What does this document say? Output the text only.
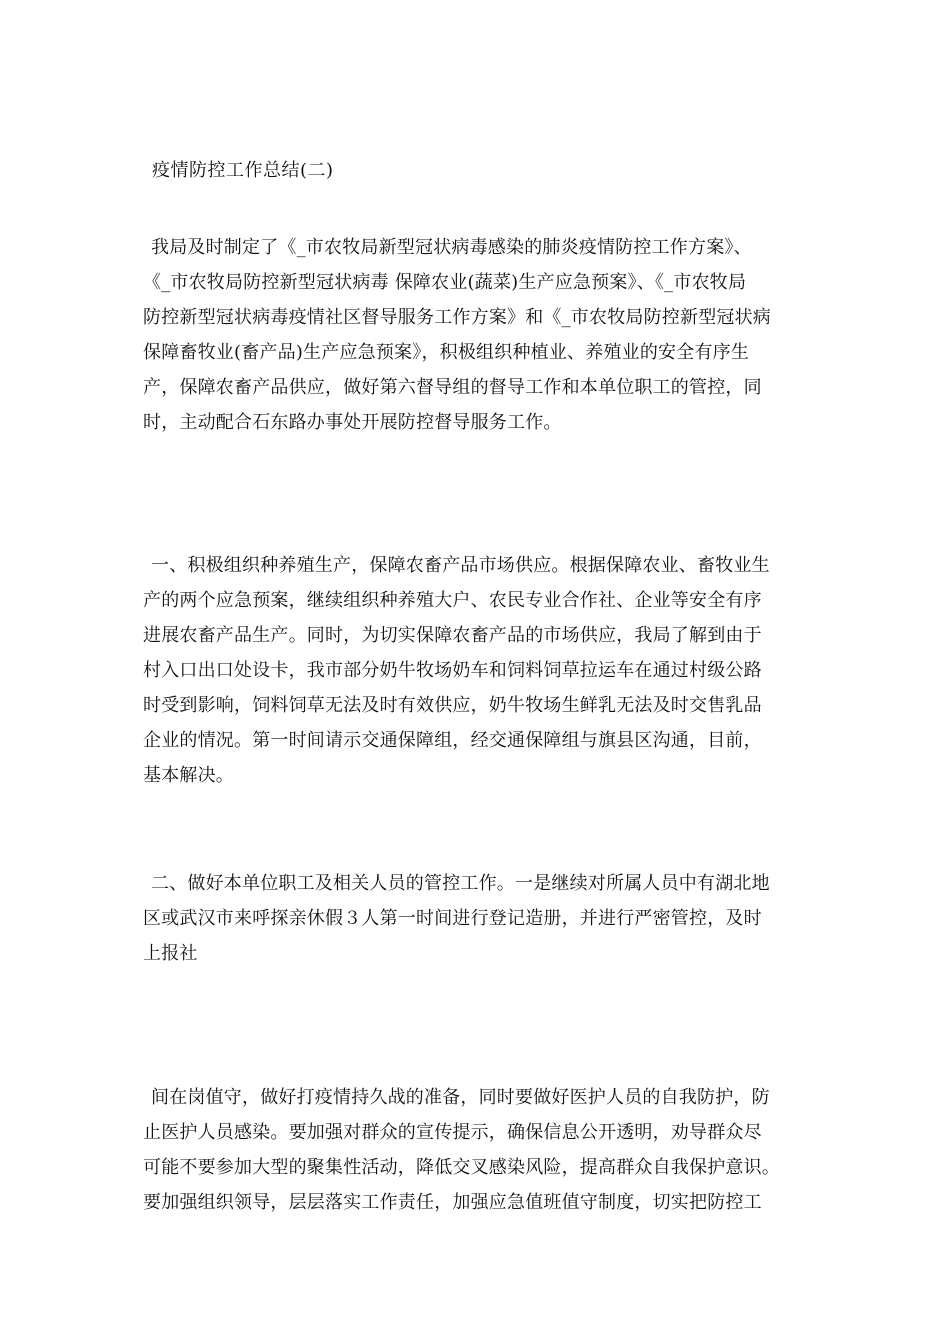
疫情防控工作总结(二)
我局及时制定了《_市农牧局新型冠状病毒感染的肺炎疫情防控工作方案》、
《_市农牧局防控新型冠状病毒 保障农业(蔬菜)生产应急预案》、《_市农牧局
防控新型冠状病毒疫情社区督导服务工作方案》和《_市农牧局防控新型冠状病
保障畜牧业(畜产品)生产应急预案》，积极组织种植业、养殖业的安全有序生
产，保障农畜产品供应，做好第六督导组的督导工作和本单位职工的管控，同
时，主动配合石东路办事处开展防控督导服务工作。
一、积极组织种养殖生产，保障农畜产品市场供应。根据保障农业、畜牧业生
产的两个应急预案，继续组织种养殖大户、农民专业合作社、企业等安全有序
进展农畜产品生产。同时，为切实保障农畜产品的市场供应，我局了解到由于
村入口出口处设卡，我市部分奶牛牧场奶车和饲料饲草拉运车在通过村级公路
时受到影响，饲料饲草无法及时有效供应，奶牛牧场生鲜乳无法及时交售乳品
企业的情况。第一时间请示交通保障组，经交通保障组与旗县区沟通，目前，
基本解决。
二、做好本单位职工及相关人员的管控工作。一是继续对所属人员中有湖北地
区或武汉市来呼探亲休假３人第一时间进行登记造册，并进行严密管控，及时
上报社
间在岗值守，做好打疫情持久战的准备，同时要做好医护人员的自我防护，防
止医护人员感染。要加强对群众的宣传提示，确保信息公开透明，劝导群众尽
可能不要参加大型的聚集性活动，降低交叉感染风险，提高群众自我保护意识。
要加强组织领导，层层落实工作责任，加强应急值班值守制度，切实把防控工
